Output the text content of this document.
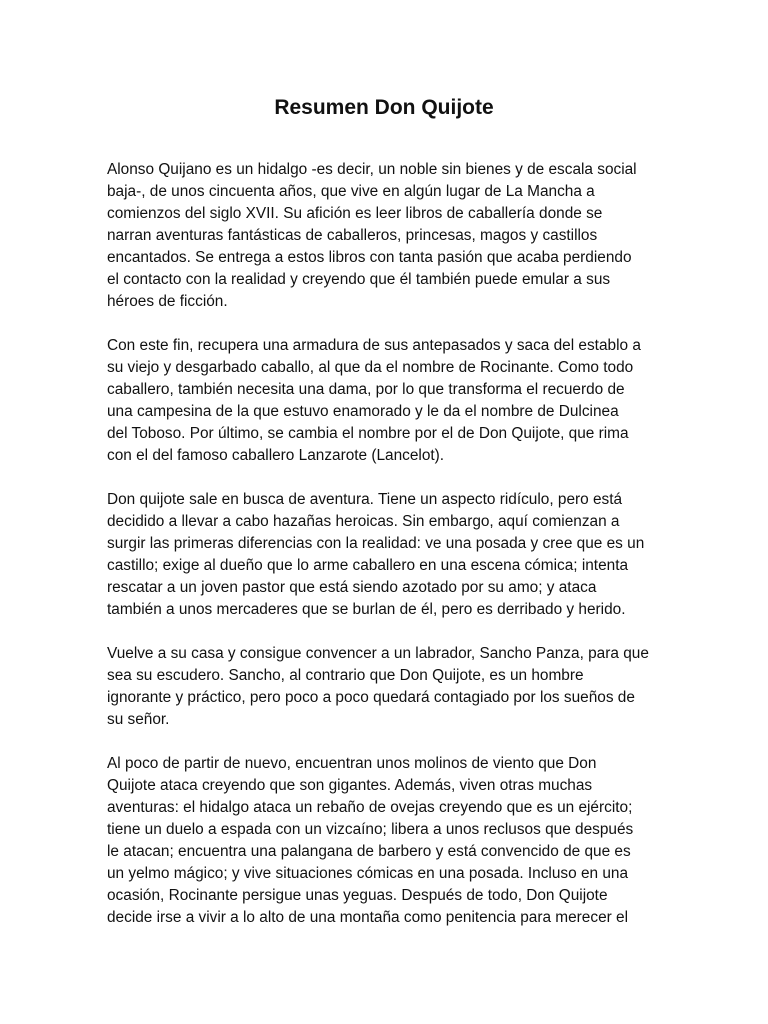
Resumen Don Quijote

Alonso Quijano es un hidalgo -es decir, un noble sin bienes y de escala social
baja-, de unos cincuenta años, que vive en algún lugar de La Mancha a
comienzos del siglo XVII. Su afición es leer libros de caballería donde se
narran aventuras fantásticas de caballeros, princesas, magos y castillos
encantados. Se entrega a estos libros con tanta pasión que acaba perdiendo
el contacto con la realidad y creyendo que él también puede emular a sus
héroes de ficción.

Con este fin, recupera una armadura de sus antepasados y saca del establo a
su viejo y desgarbado caballo, al que da el nombre de Rocinante. Como todo
caballero, también necesita una dama, por lo que transforma el recuerdo de
una campesina de la que estuvo enamorado y le da el nombre de Dulcinea
del Toboso. Por último, se cambia el nombre por el de Don Quijote, que rima
con el del famoso caballero Lanzarote (Lancelot).

Don quijote sale en busca de aventura. Tiene un aspecto ridículo, pero está
decidido a llevar a cabo hazañas heroicas. Sin embargo, aquí comienzan a
surgir las primeras diferencias con la realidad: ve una posada y cree que es un
castillo; exige al dueño que lo arme caballero en una escena cómica; intenta
rescatar a un joven pastor que está siendo azotado por su amo; y ataca
también a unos mercaderes que se burlan de él, pero es derribado y herido.

Vuelve a su casa y consigue convencer a un labrador, Sancho Panza, para que
sea su escudero. Sancho, al contrario que Don Quijote, es un hombre
ignorante y práctico, pero poco a poco quedará contagiado por los sueños de
su señor.

Al poco de partir de nuevo, encuentran unos molinos de viento que Don
Quijote ataca creyendo que son gigantes. Además, viven otras muchas
aventuras: el hidalgo ataca un rebaño de ovejas creyendo que es un ejército;
tiene un duelo a espada con un vizcaíno; libera a unos reclusos que después
le atacan; encuentra una palangana de barbero y está convencido de que es
un yelmo mágico; y vive situaciones cómicas en una posada. Incluso en una
ocasión, Rocinante persigue unas yeguas. Después de todo, Don Quijote
decide irse a vivir a lo alto de una montaña como penitencia para merecer el
